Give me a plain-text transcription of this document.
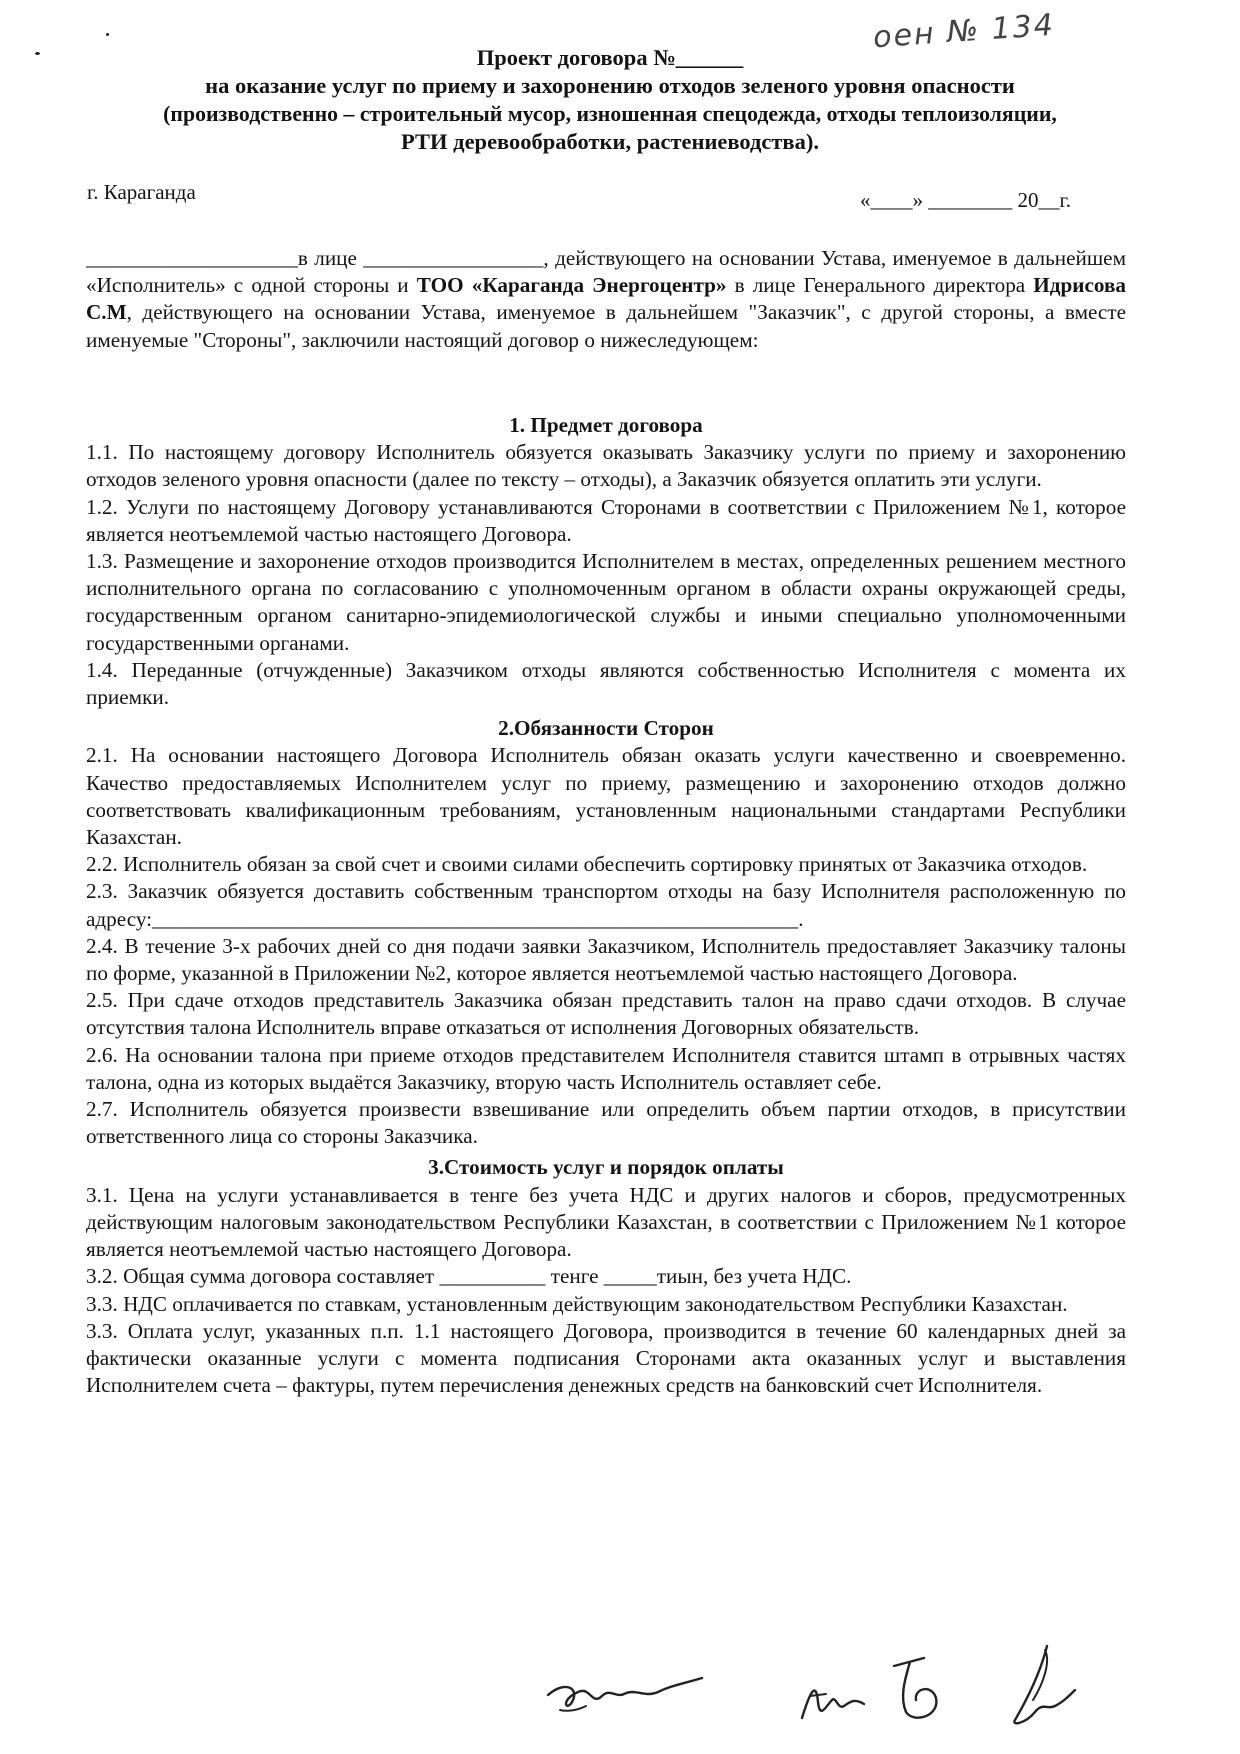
оен № 134
Проект договора №______
на оказание услуг по приему и захоронению отходов зеленого уровня опасности
(производственно – строительный мусор, изношенная спецодежда, отходы теплоизоляции,
РТИ деревообработки, растениеводства).
г. Караганда	«____» ________ 20__г.

____________________в лице _________________, действующего на основании Устава, именуемое в дальнейшем «Исполнитель» с одной стороны и ТОО «Караганда Энергоцентр» в лице Генерального директора Идрисова С.М, действующего на основании Устава, именуемое в дальнейшем "Заказчик", с другой стороны, а вместе именуемые "Стороны", заключили настоящий договор о нижеследующем:

1. Предмет договора

1.1. По настоящему договору Исполнитель обязуется оказывать Заказчику услуги по приему и захоронению отходов зеленого уровня опасности (далее по тексту – отходы), а Заказчик обязуется оплатить эти услуги.

1.2. Услуги по настоящему Договору устанавливаются Сторонами в соответствии с Приложением №1, которое является неотъемлемой частью настоящего Договора.

1.3. Размещение и захоронение отходов производится Исполнителем в местах, определенных решением местного исполнительного органа по согласованию с уполномоченным органом в области охраны окружающей среды, государственным органом санитарно-эпидемиологической службы и иными специально уполномоченными государственными органами.

1.4. Переданные (отчужденные) Заказчиком отходы являются собственностью Исполнителя с момента их приемки.

2.Обязанности Сторон

2.1. На основании настоящего Договора Исполнитель обязан оказать услуги качественно и своевременно. Качество предоставляемых Исполнителем услуг по приему, размещению и захоронению отходов должно соответствовать квалификационным требованиям, установленным национальными стандартами Республики Казахстан.

2.2. Исполнитель обязан за свой счет и своими силами обеспечить сортировку принятых от Заказчика отходов.

2.3. Заказчик обязуется доставить собственным транспортом отходы на базу Исполнителя расположенную по адресу:_____________________________________________________________.

2.4. В течение 3-х рабочих дней со дня подачи заявки Заказчиком, Исполнитель предоставляет Заказчику талоны по форме, указанной в Приложении №2, которое является неотъемлемой частью настоящего Договора.

2.5. При сдаче отходов представитель Заказчика обязан представить талон на право сдачи отходов. В случае отсутствия талона Исполнитель вправе отказаться от исполнения Договорных обязательств.

2.6. На основании талона при приеме отходов представителем Исполнителя ставится штамп в отрывных частях талона, одна из которых выдаётся Заказчику, вторую часть Исполнитель оставляет себе.

2.7. Исполнитель обязуется произвести взвешивание или определить объем партии отходов, в присутствии ответственного лица со стороны Заказчика.

3.Стоимость услуг и порядок оплаты

3.1. Цена на услуги устанавливается в тенге без учета НДС и других налогов и сборов, предусмотренных действующим налоговым законодательством Республики Казахстан, в соответствии с Приложением №1 которое является неотъемлемой частью настоящего Договора.

3.2. Общая сумма договора составляет __________ тенге _____тиын, без учета НДС.

3.3. НДС оплачивается по ставкам, установленным действующим законодательством Республики Казахстан.

3.3. Оплата услуг, указанных п.п. 1.1 настоящего Договора, производится в течение 60 календарных дней за фактически оказанные услуги с момента подписания Сторонами акта оказанных услуг и выставления Исполнителем счета – фактуры, путем перечисления денежных средств на банковский счет Исполнителя.
